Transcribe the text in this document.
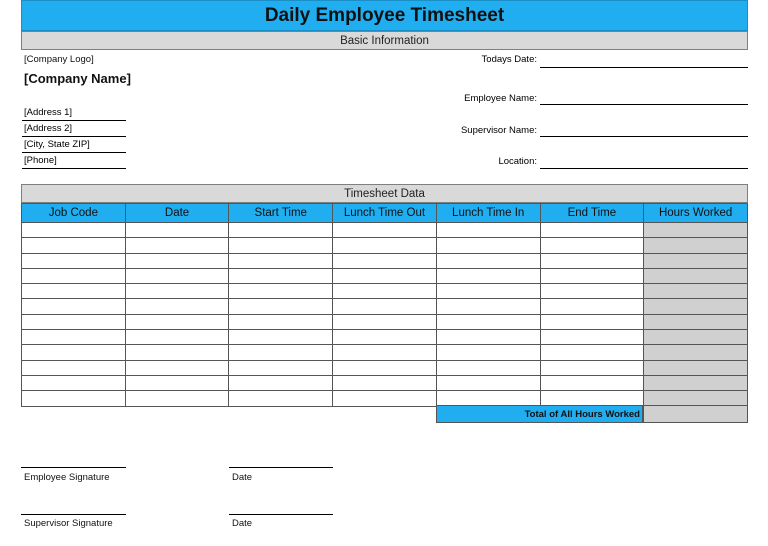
Daily Employee Timesheet
Basic Information
[Company Logo]
[Company Name]
[Address 1]
[Address 2]
[City, State ZIP]
[Phone]
Todays Date:
Employee Name:
Supervisor Name:
Location:
Timesheet Data
Job Code	Date	Start Time	Lunch Time Out	Lunch Time In	End Time	Hours Worked

Total of All Hours Worked
Employee Signature	Date
Supervisor Signature	Date
